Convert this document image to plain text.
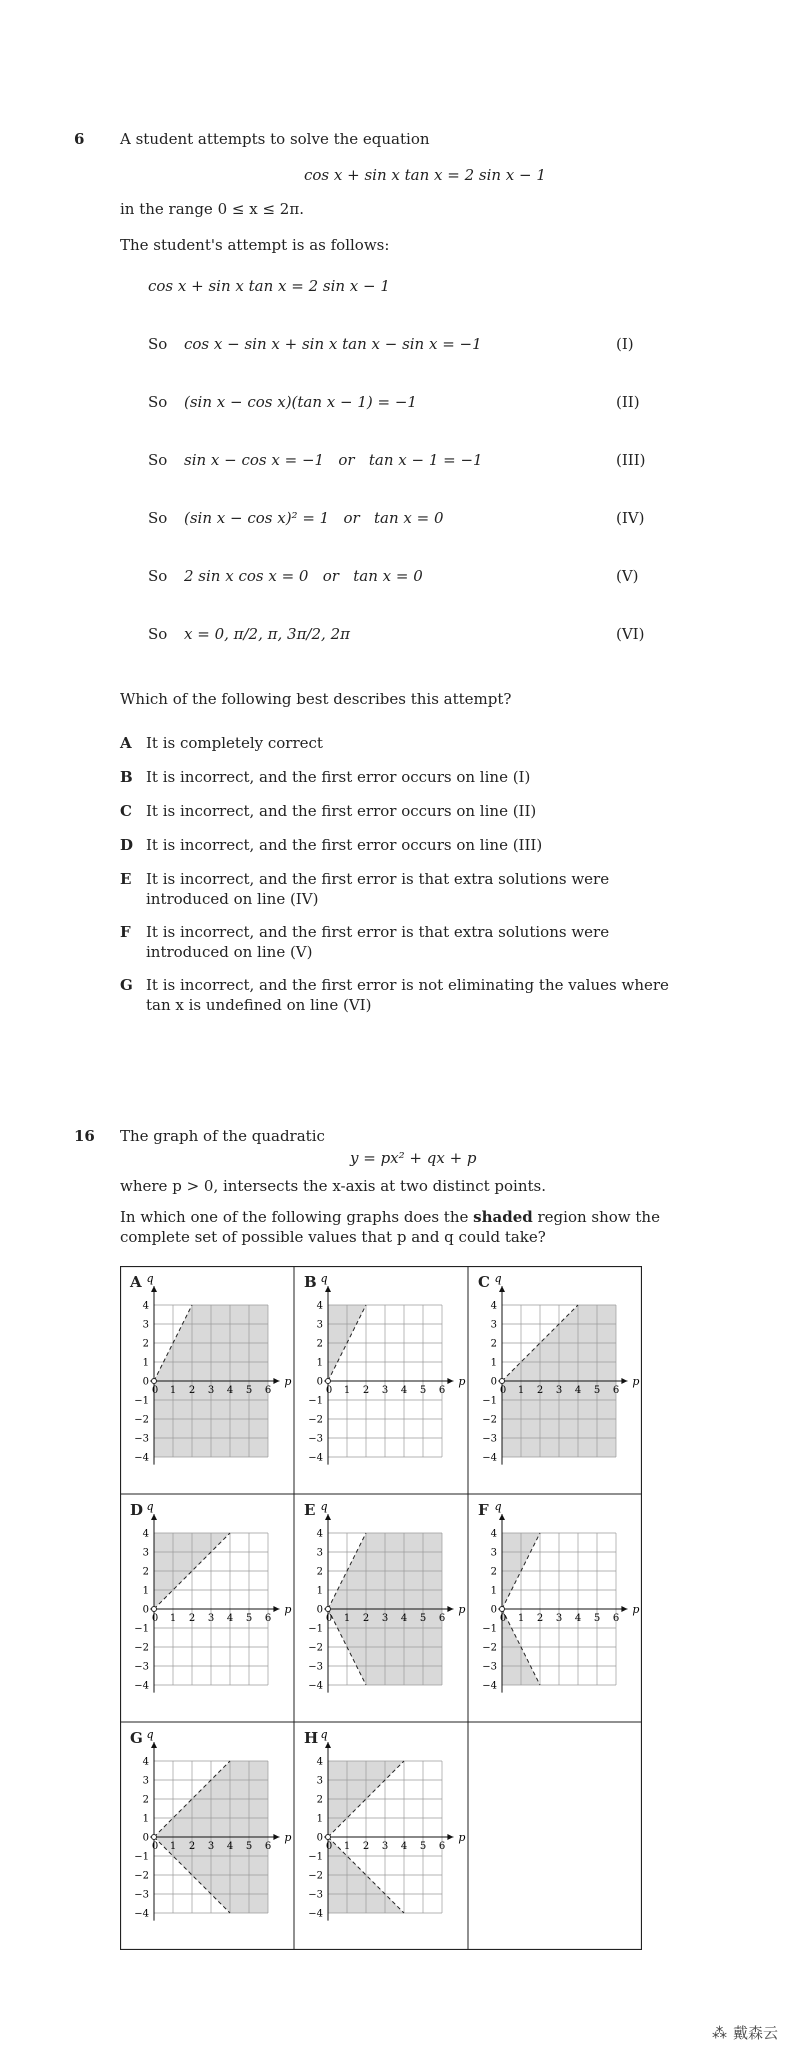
6 A student attempts to solve the equation
cos x + sin x tan x = 2 sin x − 1
in the range 0 ≤ x ≤ 2π.
The student's attempt is as follows:
cos x + sin x tan x = 2 sin x − 1
So cos x − sin x + sin x tan x − sin x = −1	(I)
So (sin x − cos x)(tan x − 1) = −1	(II)
So sin x − cos x = −1   or   tan x − 1 = −1	(III)
So (sin x − cos x)² = 1   or   tan x = 0	(IV)
So 2 sin x cos x = 0   or   tan x = 0	(V)
So x = 0, π/2, π, 3π/2, 2π	(VI)
Which of the following best describes this attempt?
A It is completely correct
B It is incorrect, and the first error occurs on line (I)
C It is incorrect, and the first error occurs on line (II)
D It is incorrect, and the first error occurs on line (III)
E It is incorrect, and the first error is that extra solutions were introduced on line (IV)
F It is incorrect, and the first error is that extra solutions were introduced on line (V)
G It is incorrect, and the first error is not eliminating the values where tan x is undefined on line (VI)
16 The graph of the quadratic
y = px² + qx + p
where p > 0, intersects the x-axis at two distinct points.
In which one of the following graphs does the shaded region show the complete set of possible values that p and q could take?
A q
p
0 1 2 3 4 5 6
4
3
2
1
0
−1
−2
−3
−4
B q
p
0 1 2 3 4 5 6
4
3
2
1
0
−1
−2
−3
−4
C q
p
0 1 2 3 4 5 6
4
3
2
1
0
−1
−2
−3
−4
D q
p
0 1 2 3 4 5 6
4
3
2
1
0
−1
−2
−3
−4
E q
p
0 1 2 3 4 5 6
4
3
2
1
0
−1
−2
−3
−4
F q
p
0 1 2 3 4 5 6
4
3
2
1
0
−1
−2
−3
−4
G q
p
0 1 2 3 4 5 6
4
3
2
1
0
−1
−2
−3
−4
H q
p
0 1 2 3 4 5 6
4
3
2
1
0
−1
−2
−3
−4
⁂ 戴森云
